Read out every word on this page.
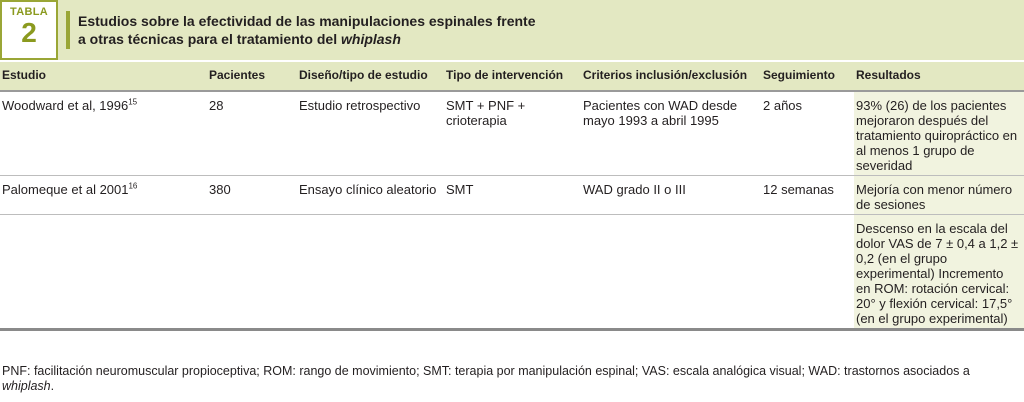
TABLA
2	Estudios sobre la efectividad de las manipulaciones espinales frente
a otras técnicas para el tratamiento del whiplash
Estudio	Pacientes	Diseño/tipo de estudio	Tipo de intervención	Criterios inclusión/exclusión	Seguimiento	Resultados
Woodward et al, 1996$^{15}$	28	Estudio retrospectivo	SMT + PNF + crioterapia	Pacientes con WAD desde mayo 1993 a abril 1995	2 años	93% (26) de los pacientes mejoraron después del tratamiento quiropráctico en al menos 1 grupo de severidad
Palomeque et al 2001$^{16}$	380	Ensayo clínico aleatorio	SMT	WAD grado II o III	12 semanas	Mejoría con menor número de sesiones
						Descenso en la escala del dolor VAS de 7 ± 0,4 a 1,2 ± 0,2 (en el grupo experimental) Incremento en ROM: rotación cervical: 20° y flexión cervical: 17,5° (en el grupo experimental)
PNF: facilitación neuromuscular propioceptiva; ROM: rango de movimiento; SMT: terapia por manipulación espinal; VAS: escala analógica visual; WAD: trastornos asociados a whiplash.
